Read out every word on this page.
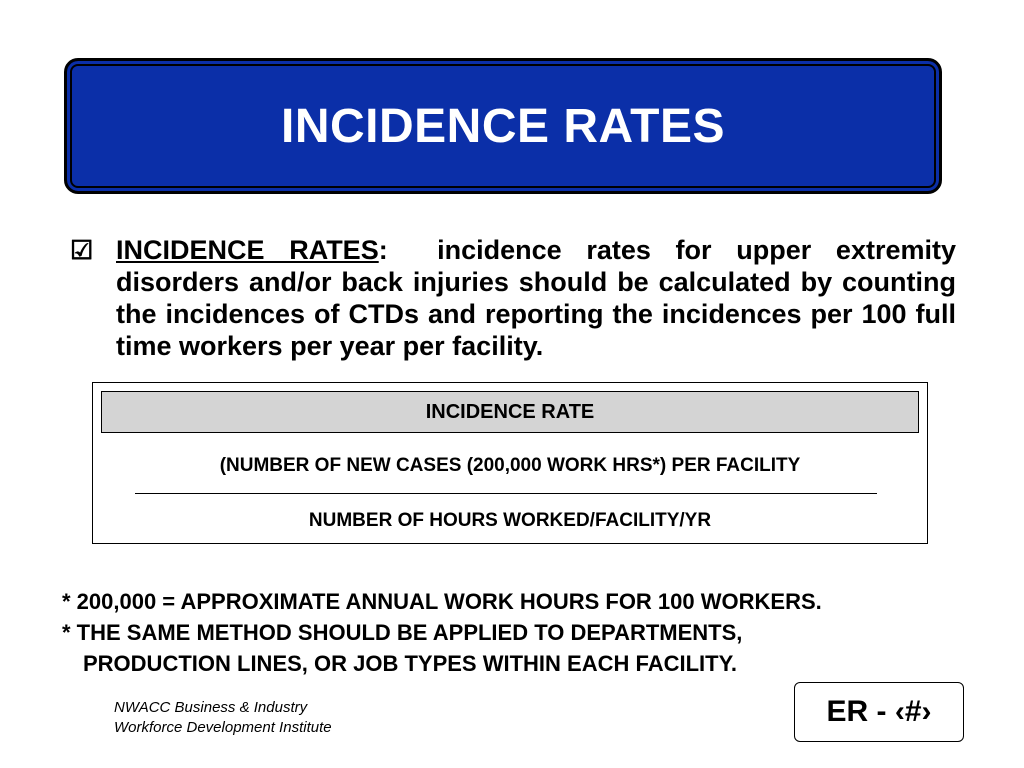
INCIDENCE RATES
☑ INCIDENCE RATES: incidence rates for upper extremity disorders and/or back injuries should be calculated by counting the incidences of CTDs and reporting the incidences per 100 full time workers per year per facility.
INCIDENCE RATE
(NUMBER OF NEW CASES (200,000 WORK HRS*) PER FACILITY
NUMBER OF HOURS WORKED/FACILITY/YR
* 200,000 = APPROXIMATE ANNUAL WORK HOURS FOR 100 WORKERS.
* THE SAME METHOD SHOULD BE APPLIED TO DEPARTMENTS,
PRODUCTION LINES, OR JOB TYPES WITHIN EACH FACILITY.
NWACC Business & Industry
Workforce Development Institute	ER - ‹#›
